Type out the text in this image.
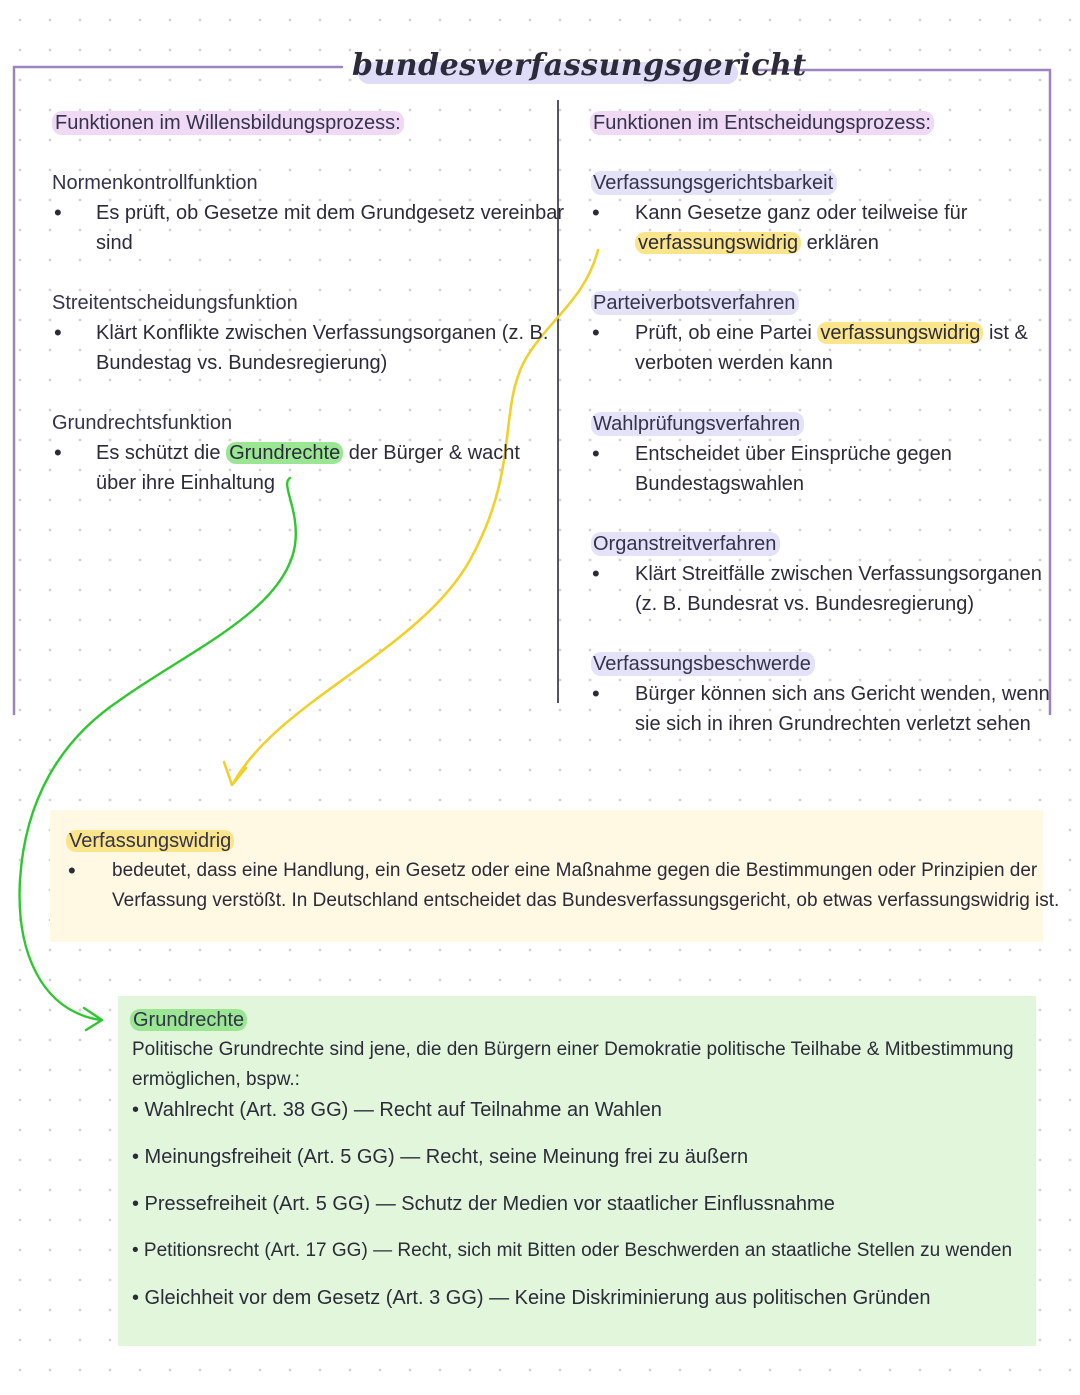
bundesverfassungsgericht
Funktionen im Willensbildungsprozess:
Normenkontrollfunktion
• Es prüft, ob Gesetze mit dem Grundgesetz vereinbar
sind
Streitentscheidungsfunktion
• Klärt Konflikte zwischen Verfassungsorganen (z. B.
Bundestag vs. Bundesregierung)
Grundrechtsfunktion
• Es schützt die Grundrechte der Bürger & wacht
über ihre Einhaltung
Funktionen im Entscheidungsprozess:
Verfassungsgerichtsbarkeit
• Kann Gesetze ganz oder teilweise für
verfassungswidrig erklären
Parteiverbotsverfahren
• Prüft, ob eine Partei verfassungswidrig ist &
verboten werden kann
Wahlprüfungsverfahren
• Entscheidet über Einsprüche gegen
Bundestagswahlen
Organstreitverfahren
• Klärt Streitfälle zwischen Verfassungsorganen
(z. B. Bundesrat vs. Bundesregierung)
Verfassungsbeschwerde
• Bürger können sich ans Gericht wenden, wenn
sie sich in ihren Grundrechten verletzt sehen
Verfassungswidrig
• bedeutet, dass eine Handlung, ein Gesetz oder eine Maßnahme gegen die Bestimmungen oder Prinzipien der
Verfassung verstößt. In Deutschland entscheidet das Bundesverfassungsgericht, ob etwas verfassungswidrig ist.
Grundrechte
Politische Grundrechte sind jene, die den Bürgern einer Demokratie politische Teilhabe & Mitbestimmung
ermöglichen, bspw.:
• Wahlrecht (Art. 38 GG) — Recht auf Teilnahme an Wahlen
• Meinungsfreiheit (Art. 5 GG) — Recht, seine Meinung frei zu äußern
• Pressefreiheit (Art. 5 GG) — Schutz der Medien vor staatlicher Einflussnahme
• Petitionsrecht (Art. 17 GG) — Recht, sich mit Bitten oder Beschwerden an staatliche Stellen zu wenden
• Gleichheit vor dem Gesetz (Art. 3 GG) — Keine Diskriminierung aus politischen Gründen
